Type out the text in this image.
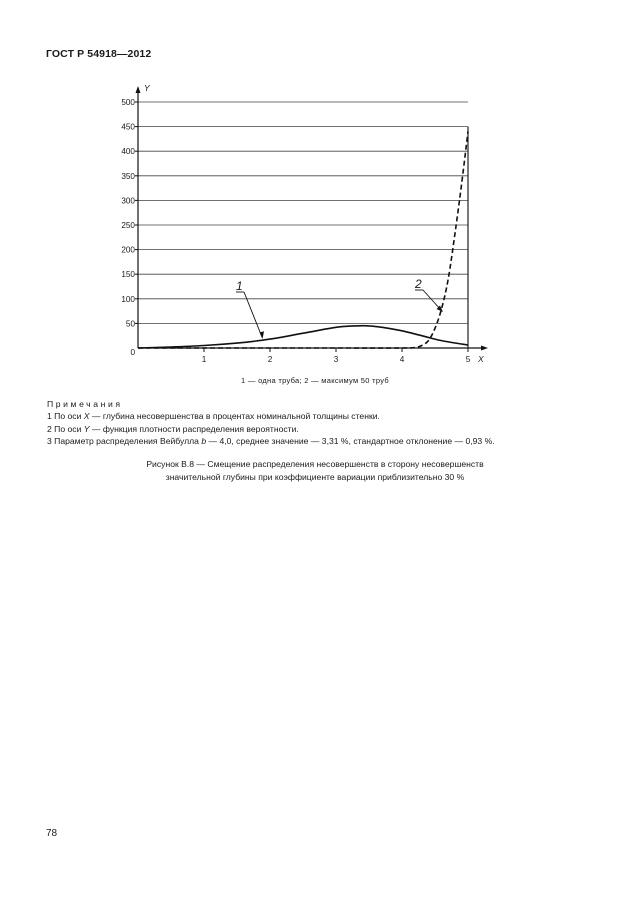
ГОСТ Р 54918—2012
0
50
100
150
200
250
300
350
400
450
500
1	2	3	4	5
Y
X
1	2
1 — одна труба; 2 — максимум 50 труб
Примечания
1 По оси X — глубина несовершенства в процентах номинальной толщины стенки.
2 По оси Y — функция плотности распределения вероятности.
3 Параметр распределения Вейбулла b — 4,0, среднее значение — 3,31 %, стандартное отклонение — 0,93 %.
Рисунок В.8 — Смещение распределения несовершенств в сторону несовершенств
значительной глубины при коэффициенте вариации приблизительно 30 %
78
